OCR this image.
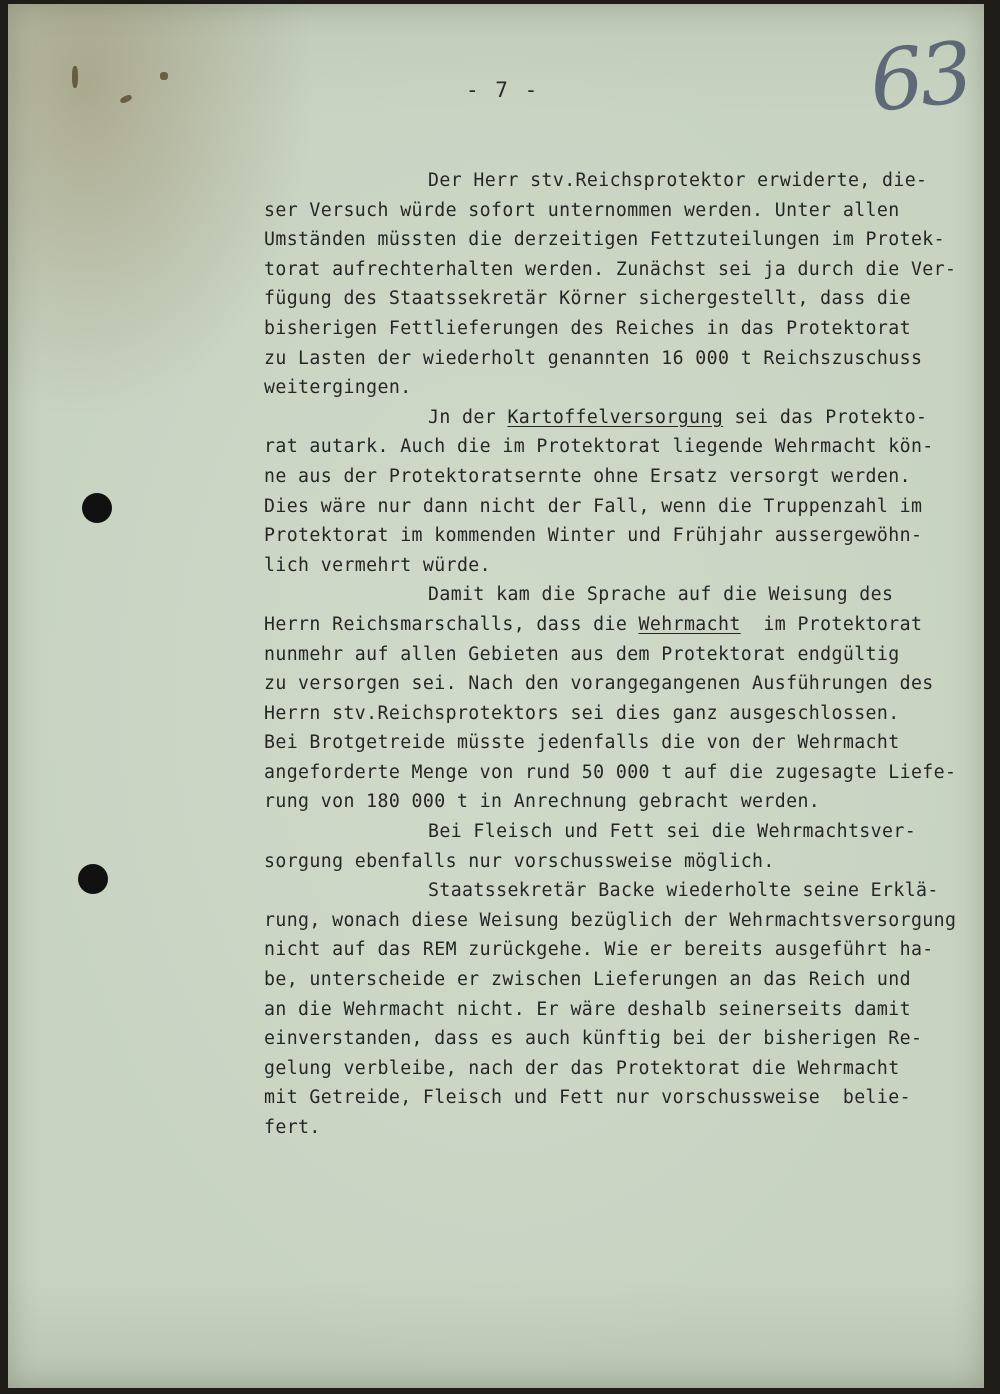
- 7 -	63
Der Herr stv.Reichsprotektor erwiderte, die-
ser Versuch würde sofort unternommen werden. Unter allen
Umständen müssten die derzeitigen Fettzuteilungen im Protek-
torat aufrechterhalten werden. Zunächst sei ja durch die Ver-
fügung des Staatssekretär Körner sichergestellt, dass die
bisherigen Fettlieferungen des Reiches in das Protektorat
zu Lasten der wiederholt genannten 16 000 t Reichszuschuss
weitergingen.
Jn der Kartoffelversorgung sei das Protekto-
rat autark. Auch die im Protektorat liegende Wehrmacht kön-
ne aus der Protektoratsernte ohne Ersatz versorgt werden.
Dies wäre nur dann nicht der Fall, wenn die Truppenzahl im
Protektorat im kommenden Winter und Frühjahr aussergewöhn-
lich vermehrt würde.
Damit kam die Sprache auf die Weisung des
Herrn Reichsmarschalls, dass die Wehrmacht  im Protektorat
nunmehr auf allen Gebieten aus dem Protektorat endgültig
zu versorgen sei. Nach den vorangegangenen Ausführungen des
Herrn stv.Reichsprotektors sei dies ganz ausgeschlossen.
Bei Brotgetreide müsste jedenfalls die von der Wehrmacht
angeforderte Menge von rund 50 000 t auf die zugesagte Liefe-
rung von 180 000 t in Anrechnung gebracht werden.
Bei Fleisch und Fett sei die Wehrmachtsver-
sorgung ebenfalls nur vorschussweise möglich.
Staatssekretär Backe wiederholte seine Erklä-
rung, wonach diese Weisung bezüglich der Wehrmachtsversorgung
nicht auf das REM zurückgehe. Wie er bereits ausgeführt ha-
be, unterscheide er zwischen Lieferungen an das Reich und
an die Wehrmacht nicht. Er wäre deshalb seinerseits damit
einverstanden, dass es auch künftig bei der bisherigen Re-
gelung verbleibe, nach der das Protektorat die Wehrmacht
mit Getreide, Fleisch und Fett nur vorschussweise  belie-
fert.
